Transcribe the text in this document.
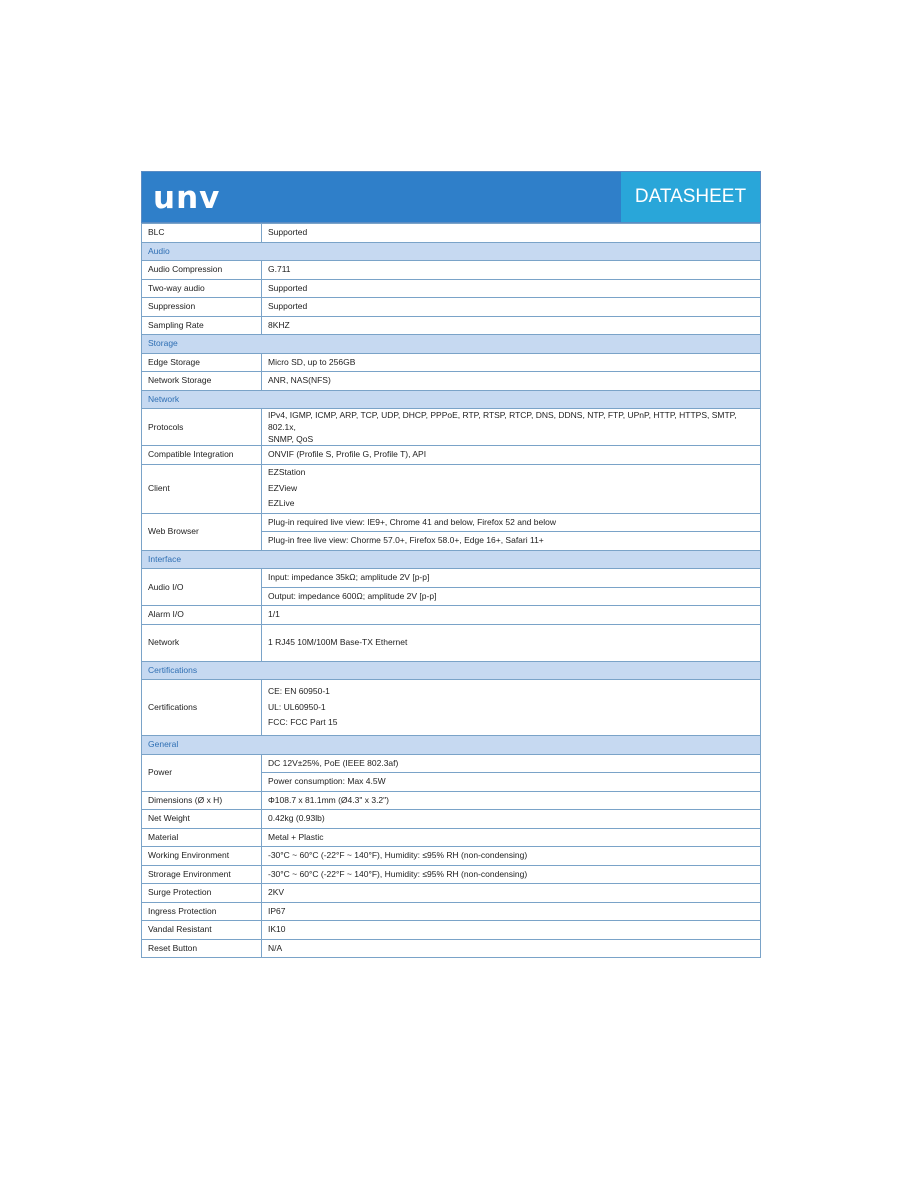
unv	DATASHEET
BLC	Supported
Audio	
Audio Compression	G.711
Two-way audio	Supported
Suppression	Supported
Sampling Rate	8KHZ
Storage	
Edge Storage	Micro SD, up to 256GB
Network Storage	ANR, NAS(NFS)
Network	
Protocols	IPv4, IGMP, ICMP, ARP, TCP, UDP, DHCP, PPPoE, RTP, RTSP, RTCP, DNS, DDNS, NTP, FTP, UPnP, HTTP, HTTPS, SMTP, 802.1x,
SNMP, QoS

Compatible Integration	ONVIF (Profile S, Profile G, Profile T), API
Client	EZStation
EZView
EZLive

Web Browser	Plug-in required live view: IE9+, Chrome 41 and below, Firefox 52 and below
	Plug-in free live view: Chorme 57.0+, Firefox 58.0+, Edge 16+, Safari 11+
Interface	
Audio I/O	Input: impedance 35kΩ; amplitude 2V [p-p]
	Output: impedance 600Ω; amplitude 2V [p-p]
Alarm I/O	1/1
Network	1 RJ45 10M/100M Base-TX Ethernet
Certifications	
Certifications	CE: EN 60950-1
UL: UL60950-1
FCC: FCC Part 15

General	
Power	DC 12V±25%, PoE (IEEE 802.3af)
	Power consumption: Max 4.5W
Dimensions (Ø x H)	Φ108.7 x 81.1mm (Ø4.3" x 3.2")
Net Weight	0.42kg (0.93lb)
Material	Metal + Plastic
Working Environment	-30°C ~ 60°C (-22°F ~ 140°F), Humidity: ≤95% RH (non-condensing)
Strorage Environment	-30°C ~ 60°C (-22°F ~ 140°F), Humidity: ≤95% RH (non-condensing)
Surge Protection	2KV
Ingress Protection	IP67
Vandal Resistant	IK10
Reset Button	N/A
